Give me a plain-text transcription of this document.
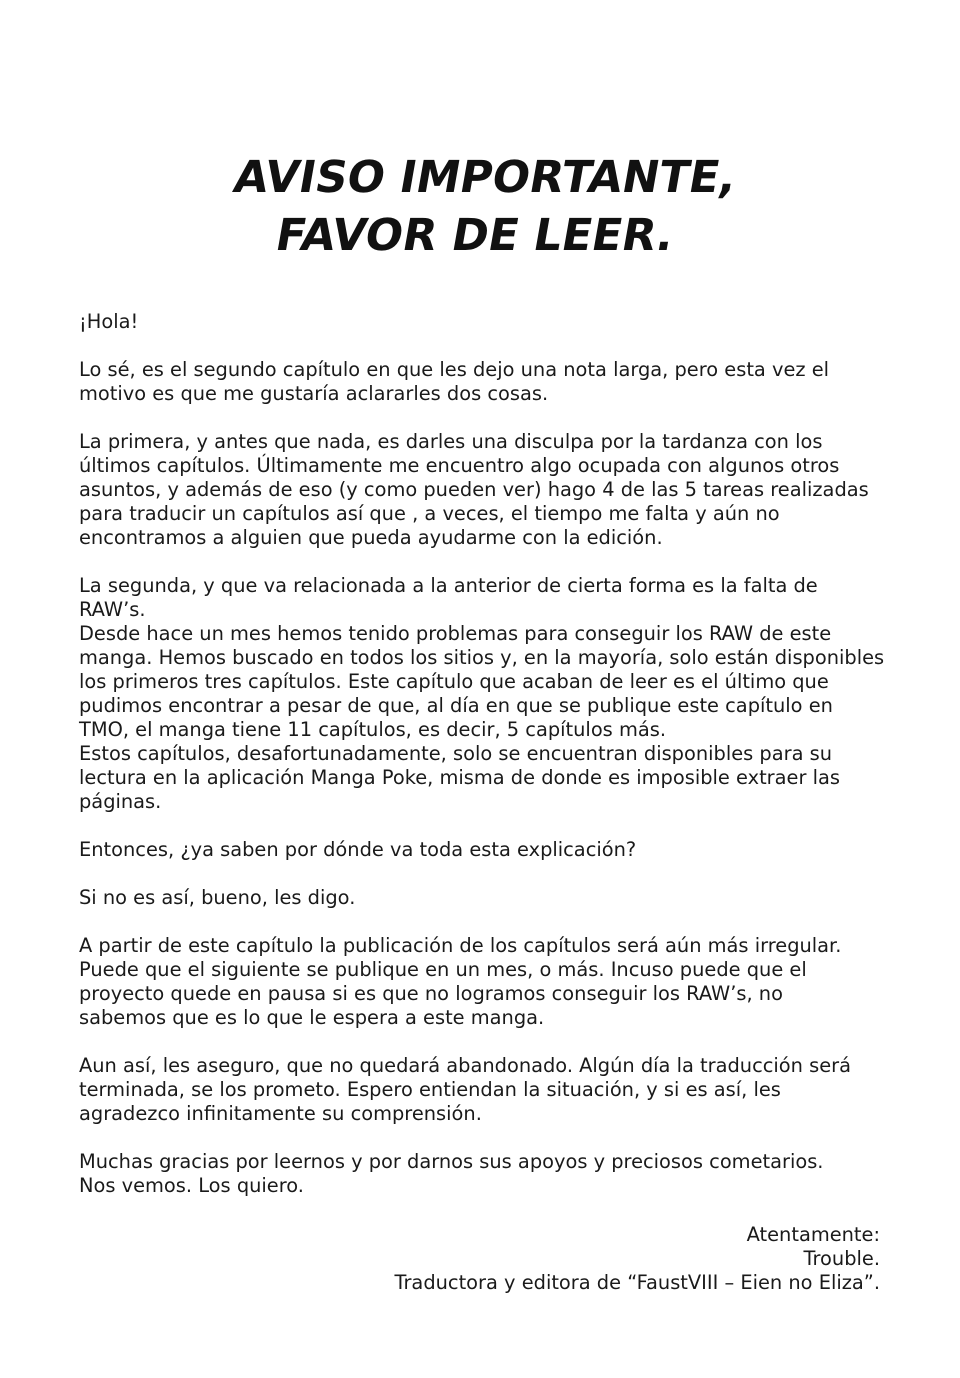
AVISO IMPORTANTE,
FAVOR DE LEER.

¡Hola!

Lo sé, es el segundo capítulo en que les dejo una nota larga, pero esta vez el
motivo es que me gustaría aclararles dos cosas.

La primera, y antes que nada, es darles una disculpa por la tardanza con los
últimos capítulos. Últimamente me encuentro algo ocupada con algunos otros
asuntos, y además de eso (y como pueden ver) hago 4 de las 5 tareas realizadas
para traducir un capítulos así que , a veces, el tiempo me falta y aún no
encontramos a alguien que pueda ayudarme con la edición.

La segunda, y que va relacionada a la anterior de cierta forma es la falta de
RAW’s.
Desde hace un mes hemos tenido problemas para conseguir los RAW de este
manga. Hemos buscado en todos los sitios y, en la mayoría, solo están disponibles
los primeros tres capítulos. Este capítulo que acaban de leer es el último que
pudimos encontrar a pesar de que, al día en que se publique este capítulo en
TMO, el manga tiene 11 capítulos, es decir, 5 capítulos más.
Estos capítulos, desafortunadamente, solo se encuentran disponibles para su
lectura en la aplicación Manga Poke, misma de donde es imposible extraer las
páginas.

Entonces, ¿ya saben por dónde va toda esta explicación?

Si no es así, bueno, les digo.

A partir de este capítulo la publicación de los capítulos será aún más irregular.
Puede que el siguiente se publique en un mes, o más. Incuso puede que el
proyecto quede en pausa si es que no logramos conseguir los RAW’s, no
sabemos que es lo que le espera a este manga.

Aun así, les aseguro, que no quedará abandonado. Algún día la traducción será
terminada, se los prometo. Espero entiendan la situación, y si es así, les
agradezco infinitamente su comprensión.

Muchas gracias por leernos y por darnos sus apoyos y preciosos cometarios.
Nos vemos. Los quiero.

Atentamente:
Trouble.
Traductora y editora de “FaustVIII – Eien no Eliza”.
